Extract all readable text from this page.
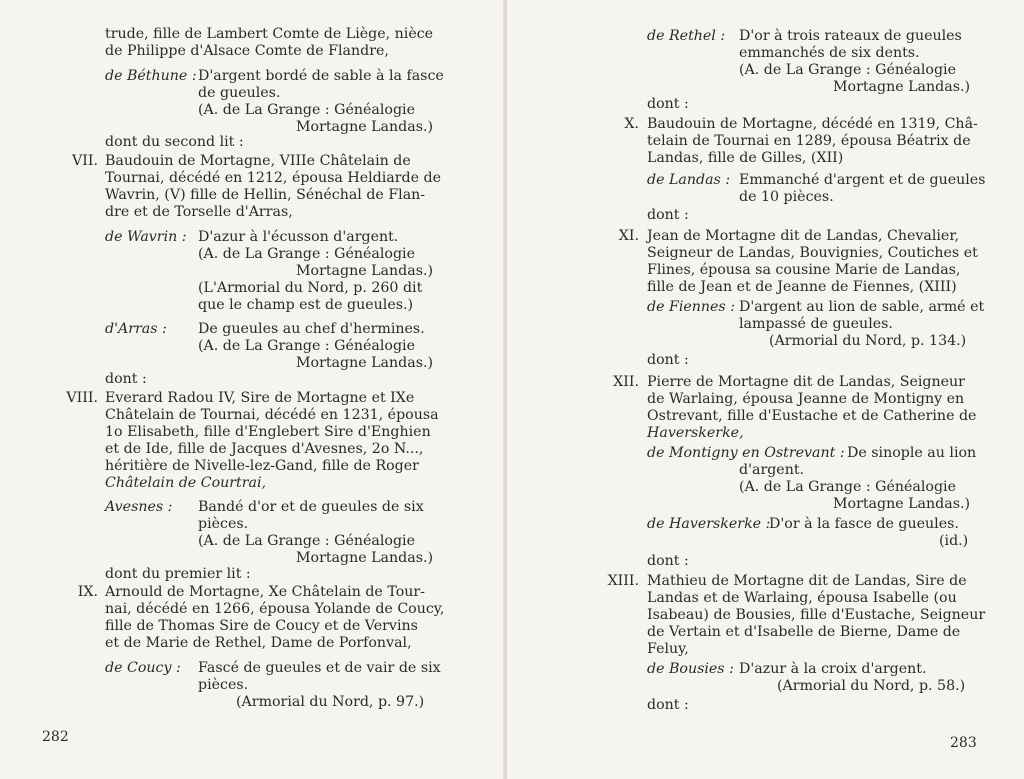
trude, fille de Lambert Comte de Liège, nièce
de Philippe d'Alsace Comte de Flandre,
de Béthune : D'argent bordé de sable à la fasce
de gueules.
(A. de La Grange : Généalogie
Mortagne Landas.)
dont du second lit :
VII. Baudouin de Mortagne, VIIIe Châtelain de
Tournai, décédé en 1212, épousa Heldiarde de
Wavrin, (V) fille de Hellin, Sénéchal de Flan-
dre et de Torselle d'Arras,
de Wavrin : D'azur à l'écusson d'argent.
(A. de La Grange : Généalogie
Mortagne Landas.)
(L'Armorial du Nord, p. 260 dit
que le champ est de gueules.)
d'Arras : De gueules au chef d'hermines.
(A. de La Grange : Généalogie
Mortagne Landas.)
dont :
VIII. Everard Radou IV, Sire de Mortagne et IXe
Châtelain de Tournai, décédé en 1231, épousa
1o Elisabeth, fille d'Englebert Sire d'Enghien
et de Ide, fille de Jacques d'Avesnes, 2o N...,
héritière de Nivelle-lez-Gand, fille de Roger
Châtelain de Courtrai,
Avesnes : Bandé d'or et de gueules de six
pièces.
(A. de La Grange : Généalogie
Mortagne Landas.)
dont du premier lit :
IX. Arnould de Mortagne, Xe Châtelain de Tour-
nai, décédé en 1266, épousa Yolande de Coucy,
fille de Thomas Sire de Coucy et de Vervins
et de Marie de Rethel, Dame de Porfonval,
de Coucy : Fascé de gueules et de vair de six
pièces.
(Armorial du Nord, p. 97.)
282
de Rethel : D'or à trois rateaux de gueules
emmanchés de six dents.
(A. de La Grange : Généalogie
Mortagne Landas.)
dont :
X. Baudouin de Mortagne, décédé en 1319, Châ-
telain de Tournai en 1289, épousa Béatrix de
Landas, fille de Gilles, (XII)
de Landas : Emmanché d'argent et de gueules
de 10 pièces.
dont :
XI. Jean de Mortagne dit de Landas, Chevalier,
Seigneur de Landas, Bouvignies, Coutiches et
Flines, épousa sa cousine Marie de Landas,
fille de Jean et de Jeanne de Fiennes, (XIII)
de Fiennes : D'argent au lion de sable, armé et
lampassé de gueules.
(Armorial du Nord, p. 134.)
dont :
XII. Pierre de Mortagne dit de Landas, Seigneur
de Warlaing, épousa Jeanne de Montigny en
Ostrevant, fille d'Eustache et de Catherine de
Haverskerke,
de Montigny en Ostrevant : De sinople au lion
d'argent.
(A. de La Grange : Généalogie
Mortagne Landas.)
de Haverskerke :
D'or à la fasce de gueules.
(id.)
dont :
XIII. Mathieu de Mortagne dit de Landas, Sire de
Landas et de Warlaing, épousa Isabelle (ou
Isabeau) de Bousies, fille d'Eustache, Seigneur
de Vertain et d'Isabelle de Bierne, Dame de
Feluy,
de Bousies : D'azur à la croix d'argent.
(Armorial du Nord, p. 58.)
dont :
283
